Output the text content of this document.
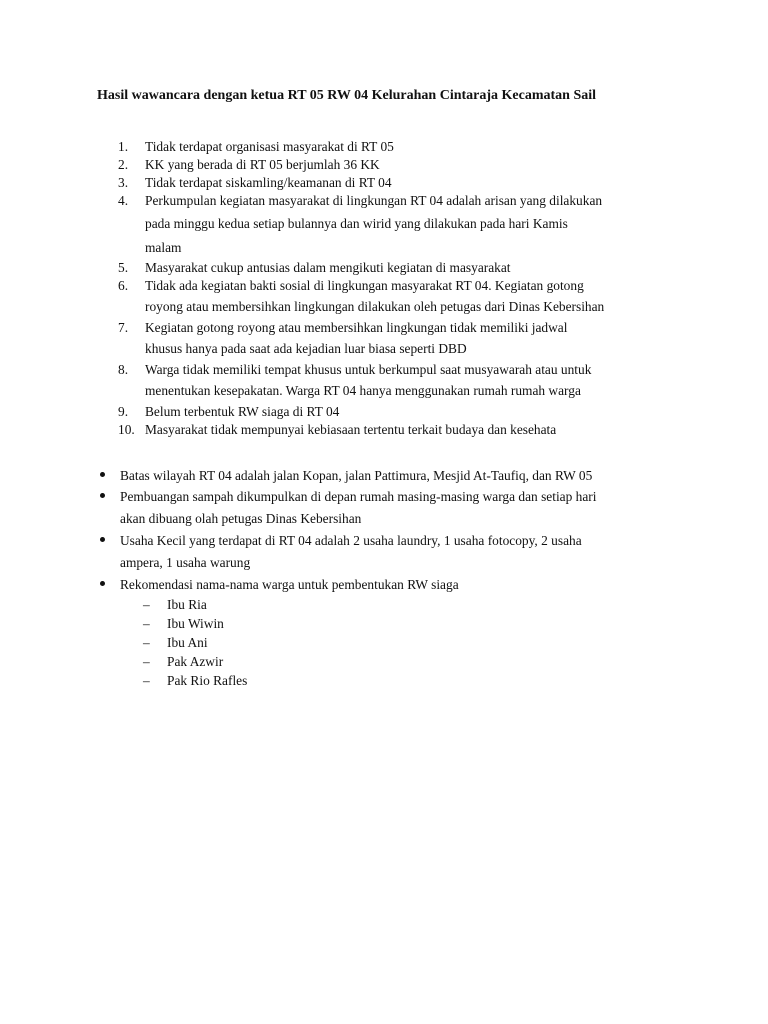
Hasil wawancara dengan ketua RT 05 RW 04 Kelurahan Cintaraja Kecamatan Sail
1. Tidak terdapat organisasi masyarakat di RT 05
2. KK yang berada di RT 05 berjumlah 36 KK
3. Tidak terdapat siskamling/keamanan di RT 04
4. Perkumpulan kegiatan masyarakat di lingkungan RT 04 adalah arisan yang dilakukan
pada minggu kedua setiap bulannya dan wirid yang dilakukan pada hari Kamis
malam
5. Masyarakat cukup antusias dalam mengikuti kegiatan di masyarakat
6. Tidak ada kegiatan bakti sosial di lingkungan masyarakat RT 04. Kegiatan gotong
royong atau membersihkan lingkungan dilakukan oleh petugas dari Dinas Kebersihan
7. Kegiatan gotong royong atau membersihkan lingkungan tidak memiliki jadwal
khusus hanya pada saat ada kejadian luar biasa seperti DBD
8. Warga tidak memiliki tempat khusus untuk berkumpul saat musyawarah atau untuk
menentukan kesepakatan. Warga RT 04 hanya menggunakan rumah rumah warga
9. Belum terbentuk RW siaga di RT 04
10. Masyarakat tidak mempunyai kebiasaan tertentu terkait budaya dan kesehata
Batas wilayah RT 04 adalah jalan Kopan, jalan Pattimura, Mesjid At-Taufiq, dan RW 05
Pembuangan sampah dikumpulkan di depan rumah masing-masing warga dan setiap hari
akan dibuang olah petugas Dinas Kebersihan
Usaha Kecil yang terdapat di RT 04 adalah 2 usaha laundry, 1 usaha fotocopy, 2 usaha
ampera, 1 usaha warung
Rekomendasi nama-nama warga untuk pembentukan RW siaga
– Ibu Ria
– Ibu Wiwin
– Ibu Ani
– Pak Azwir
– Pak Rio Rafles
